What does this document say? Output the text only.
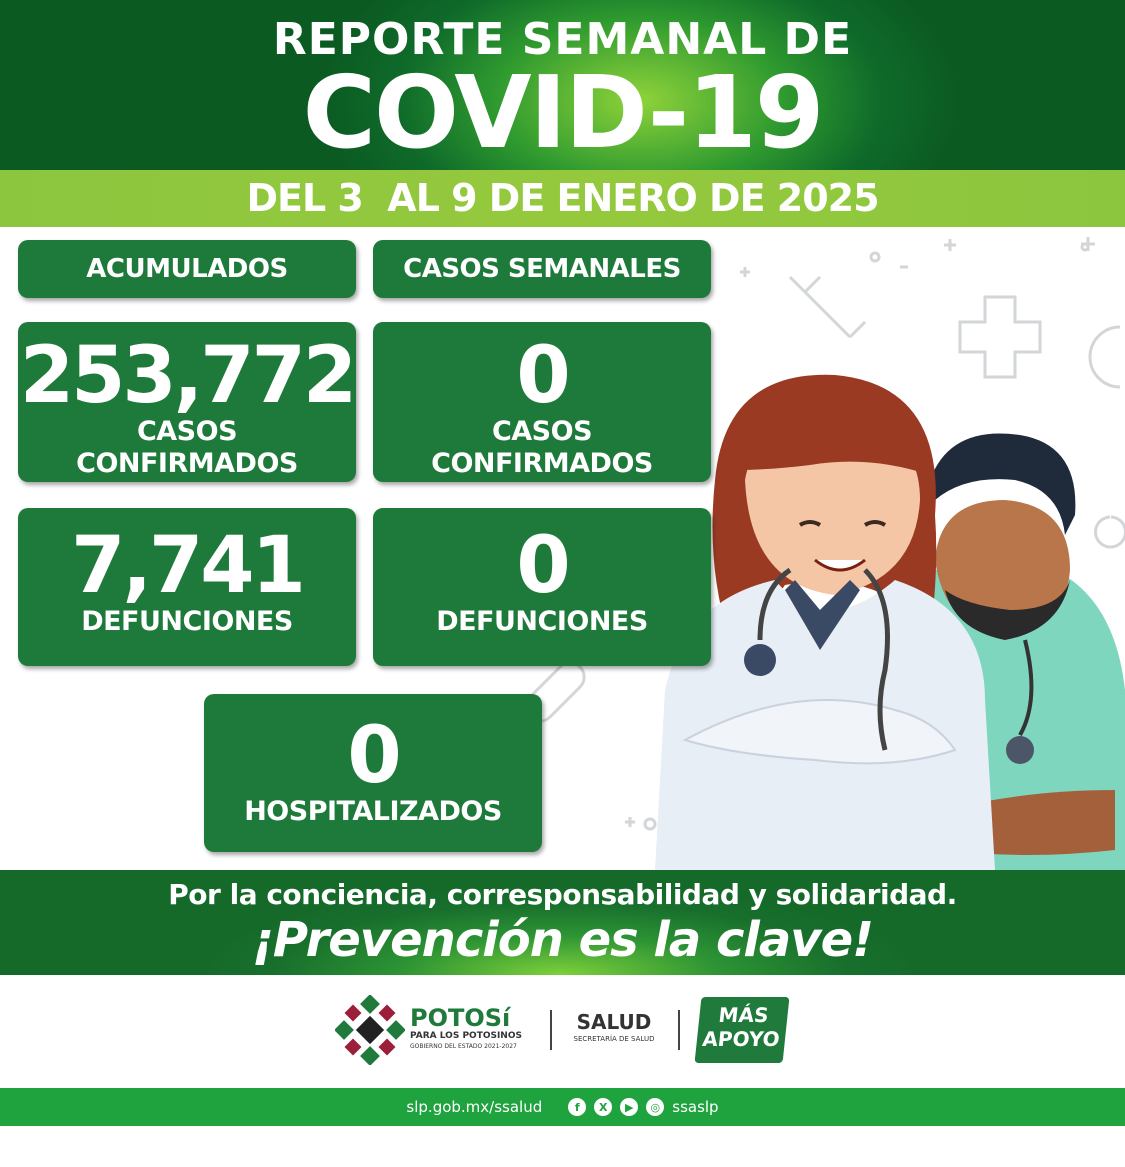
REPORTE SEMANAL DE
COVID-19
DEL 3  AL 9 DE ENERO DE 2025
ACUMULADOS	CASOS SEMANALES
253,772
CASOS
CONFIRMADOS
0
CASOS
CONFIRMADOS
7,741
DEFUNCIONES
0
DEFUNCIONES
0
HOSPITALIZADOS
Por la conciencia, corresponsabilidad y solidaridad.
¡Prevención es la clave!
POTOSí
PARA LOS POTOSINOS
GOBIERNO DEL ESTADO 2021-2027
SALUD
SECRETARÍA DE SALUD
MÁS
APOYO
slp.gob.mx/ssalud	f	X	▶	◎ ssaslp
